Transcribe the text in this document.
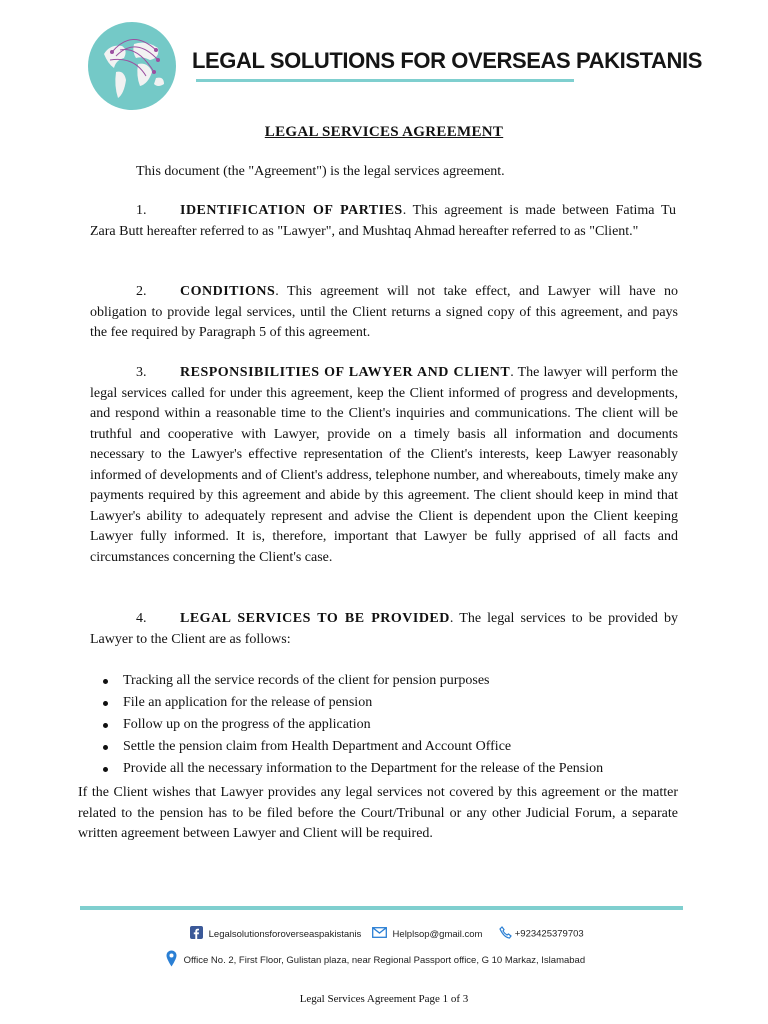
LEGAL SOLUTIONS FOR OVERSEAS PAKISTANIS
LEGAL SERVICES AGREEMENT
This document (the "Agreement") is the legal services agreement.
1. IDENTIFICATION OF PARTIES. This agreement is made between Fatima Tu Zara Butt hereafter referred to as "Lawyer", and Mushtaq Ahmad hereafter referred to as "Client."
2. CONDITIONS. This agreement will not take effect, and Lawyer will have no obligation to provide legal services, until the Client returns a signed copy of this agreement, and pays the fee required by Paragraph 5 of this agreement.
3. RESPONSIBILITIES OF LAWYER AND CLIENT. The lawyer will perform the legal services called for under this agreement, keep the Client informed of progress and developments, and respond within a reasonable time to the Client's inquiries and communications. The client will be truthful and cooperative with Lawyer, provide on a timely basis all information and documents necessary to the Lawyer's effective representation of the Client's interests, keep Lawyer reasonably informed of developments and of Client's address, telephone number, and whereabouts, timely make any payments required by this agreement and abide by this agreement. The client should keep in mind that Lawyer's ability to adequately represent and advise the Client is dependent upon the Client keeping Lawyer fully informed. It is, therefore, important that Lawyer be fully apprised of all facts and circumstances concerning the Client's case.
4. LEGAL SERVICES TO BE PROVIDED. The legal services to be provided by Lawyer to the Client are as follows:
Tracking all the service records of the client for pension purposes
File an application for the release of pension
Follow up on the progress of the application
Settle the pension claim from Health Department and Account Office
Provide all the necessary information to the Department for the release of the Pension
If the Client wishes that Lawyer provides any legal services not covered by this agreement or the matter related to the pension has to be filed before the Court/Tribunal or any other Judicial Forum, a separate written agreement between Lawyer and Client will be required.
Legalsolutionsforoverseaspakistanis	Helplsop@gmail.com	+923425379703
Office No. 2, First Floor, Gulistan plaza, near Regional Passport office, G 10 Markaz, Islamabad
Legal Services Agreement Page 1 of 3
